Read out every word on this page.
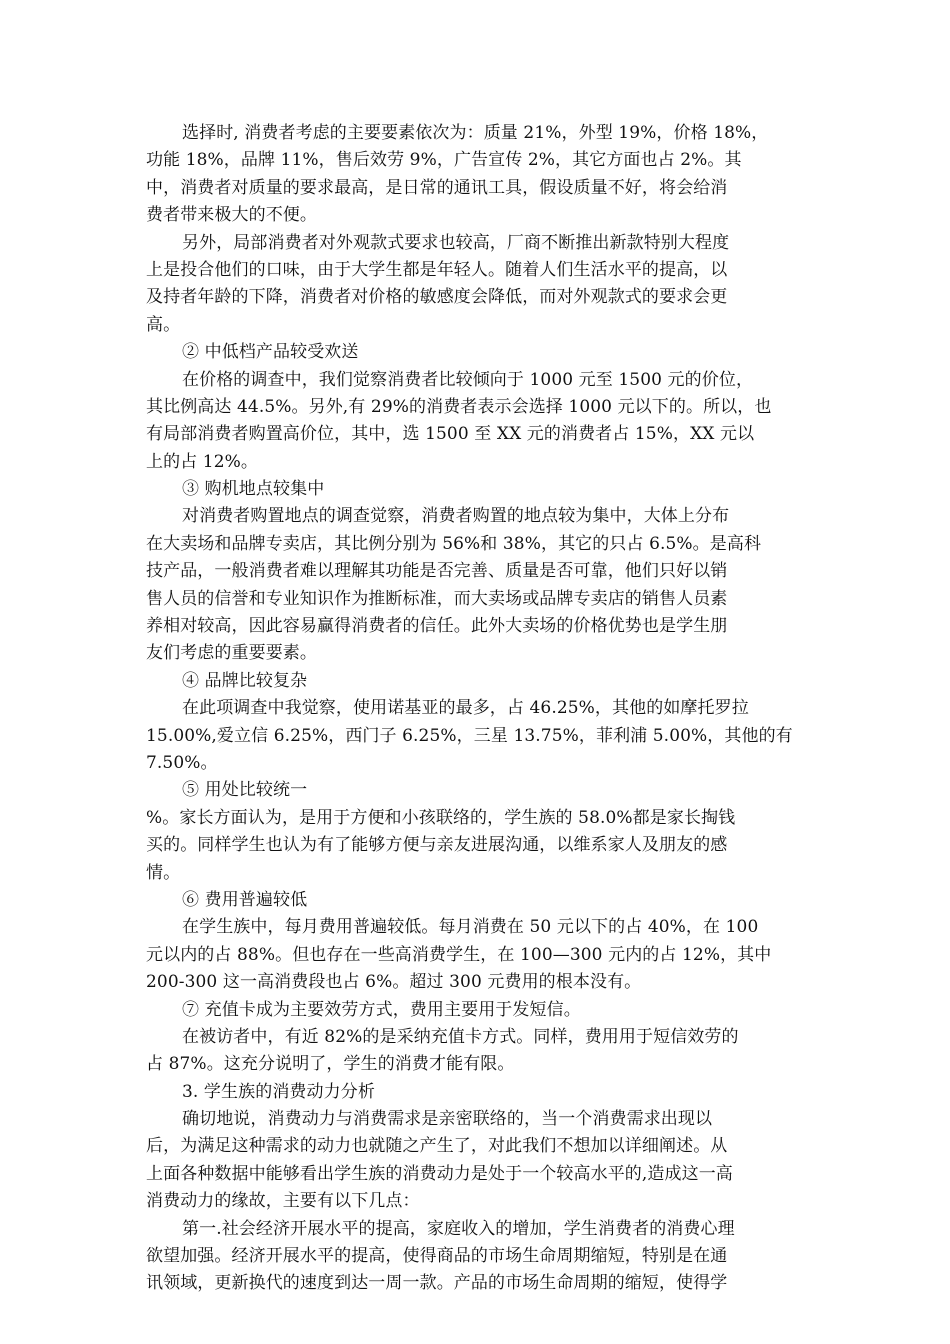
选择时, 消费者考虑的主要要素依次为：质量 21%，外型 19%，价格 18%，
功能 18%，品牌 11%，售后效劳 9%，广告宣传 2%，其它方面也占 2%。其
中，消费者对质量的要求最高，是日常的通讯工具，假设质量不好，将会给消
费者带来极大的不便。
另外，局部消费者对外观款式要求也较高，厂商不断推出新款特别大程度
上是投合他们的口味，由于大学生都是年轻人。随着人们生活水平的提高，以
及持者年龄的下降，消费者对价格的敏感度会降低，而对外观款式的要求会更
高。
② 中低档产品较受欢送
在价格的调查中，我们觉察消费者比较倾向于 1000 元至 1500 元的价位，
其比例高达 44.5%。另外,有 29%的消费者表示会选择 1000 元以下的。所以，也
有局部消费者购置高价位，其中，选 1500 至 XX 元的消费者占 15%，XX 元以
上的占 12%。
③ 购机地点较集中
对消费者购置地点的调查觉察，消费者购置的地点较为集中，大体上分布
在大卖场和品牌专卖店，其比例分别为 56%和 38%，其它的只占 6.5%。是高科
技产品，一般消费者难以理解其功能是否完善、质量是否可靠，他们只好以销
售人员的信誉和专业知识作为推断标准，而大卖场或品牌专卖店的销售人员素
养相对较高，因此容易赢得消费者的信任。此外大卖场的价格优势也是学生朋
友们考虑的重要要素。
④ 品牌比较复杂
在此项调查中我觉察，使用诺基亚的最多，占 46.25%，其他的如摩托罗拉
15.00%,爱立信 6.25%，西门子 6.25%，三星 13.75%，菲利浦 5.00%，其他的有
7.50%。
⑤ 用处比较统一
%。家长方面认为，是用于方便和小孩联络的，学生族的 58.0%都是家长掏钱
买的。同样学生也认为有了能够方便与亲友进展沟通，以维系家人及朋友的感
情。
⑥ 费用普遍较低
在学生族中，每月费用普遍较低。每月消费在 50 元以下的占 40%，在 100
元以内的占 88%。但也存在一些高消费学生，在 100—300 元内的占 12%，其中
200-300 这一高消费段也占 6%。超过 300 元费用的根本没有。
⑦ 充值卡成为主要效劳方式，费用主要用于发短信。
在被访者中，有近 82%的是采纳充值卡方式。同样，费用用于短信效劳的
占 87%。这充分说明了，学生的消费才能有限。
3. 学生族的消费动力分析
确切地说，消费动力与消费需求是亲密联络的，当一个消费需求出现以
后，为满足这种需求的动力也就随之产生了，对此我们不想加以详细阐述。从
上面各种数据中能够看出学生族的消费动力是处于一个较高水平的,造成这一高
消费动力的缘故，主要有以下几点：
第一.社会经济开展水平的提高，家庭收入的增加，学生消费者的消费心理
欲望加强。经济开展水平的提高，使得商品的市场生命周期缩短，特别是在通
讯领域，更新换代的速度到达一周一款。产品的市场生命周期的缩短，使得学
